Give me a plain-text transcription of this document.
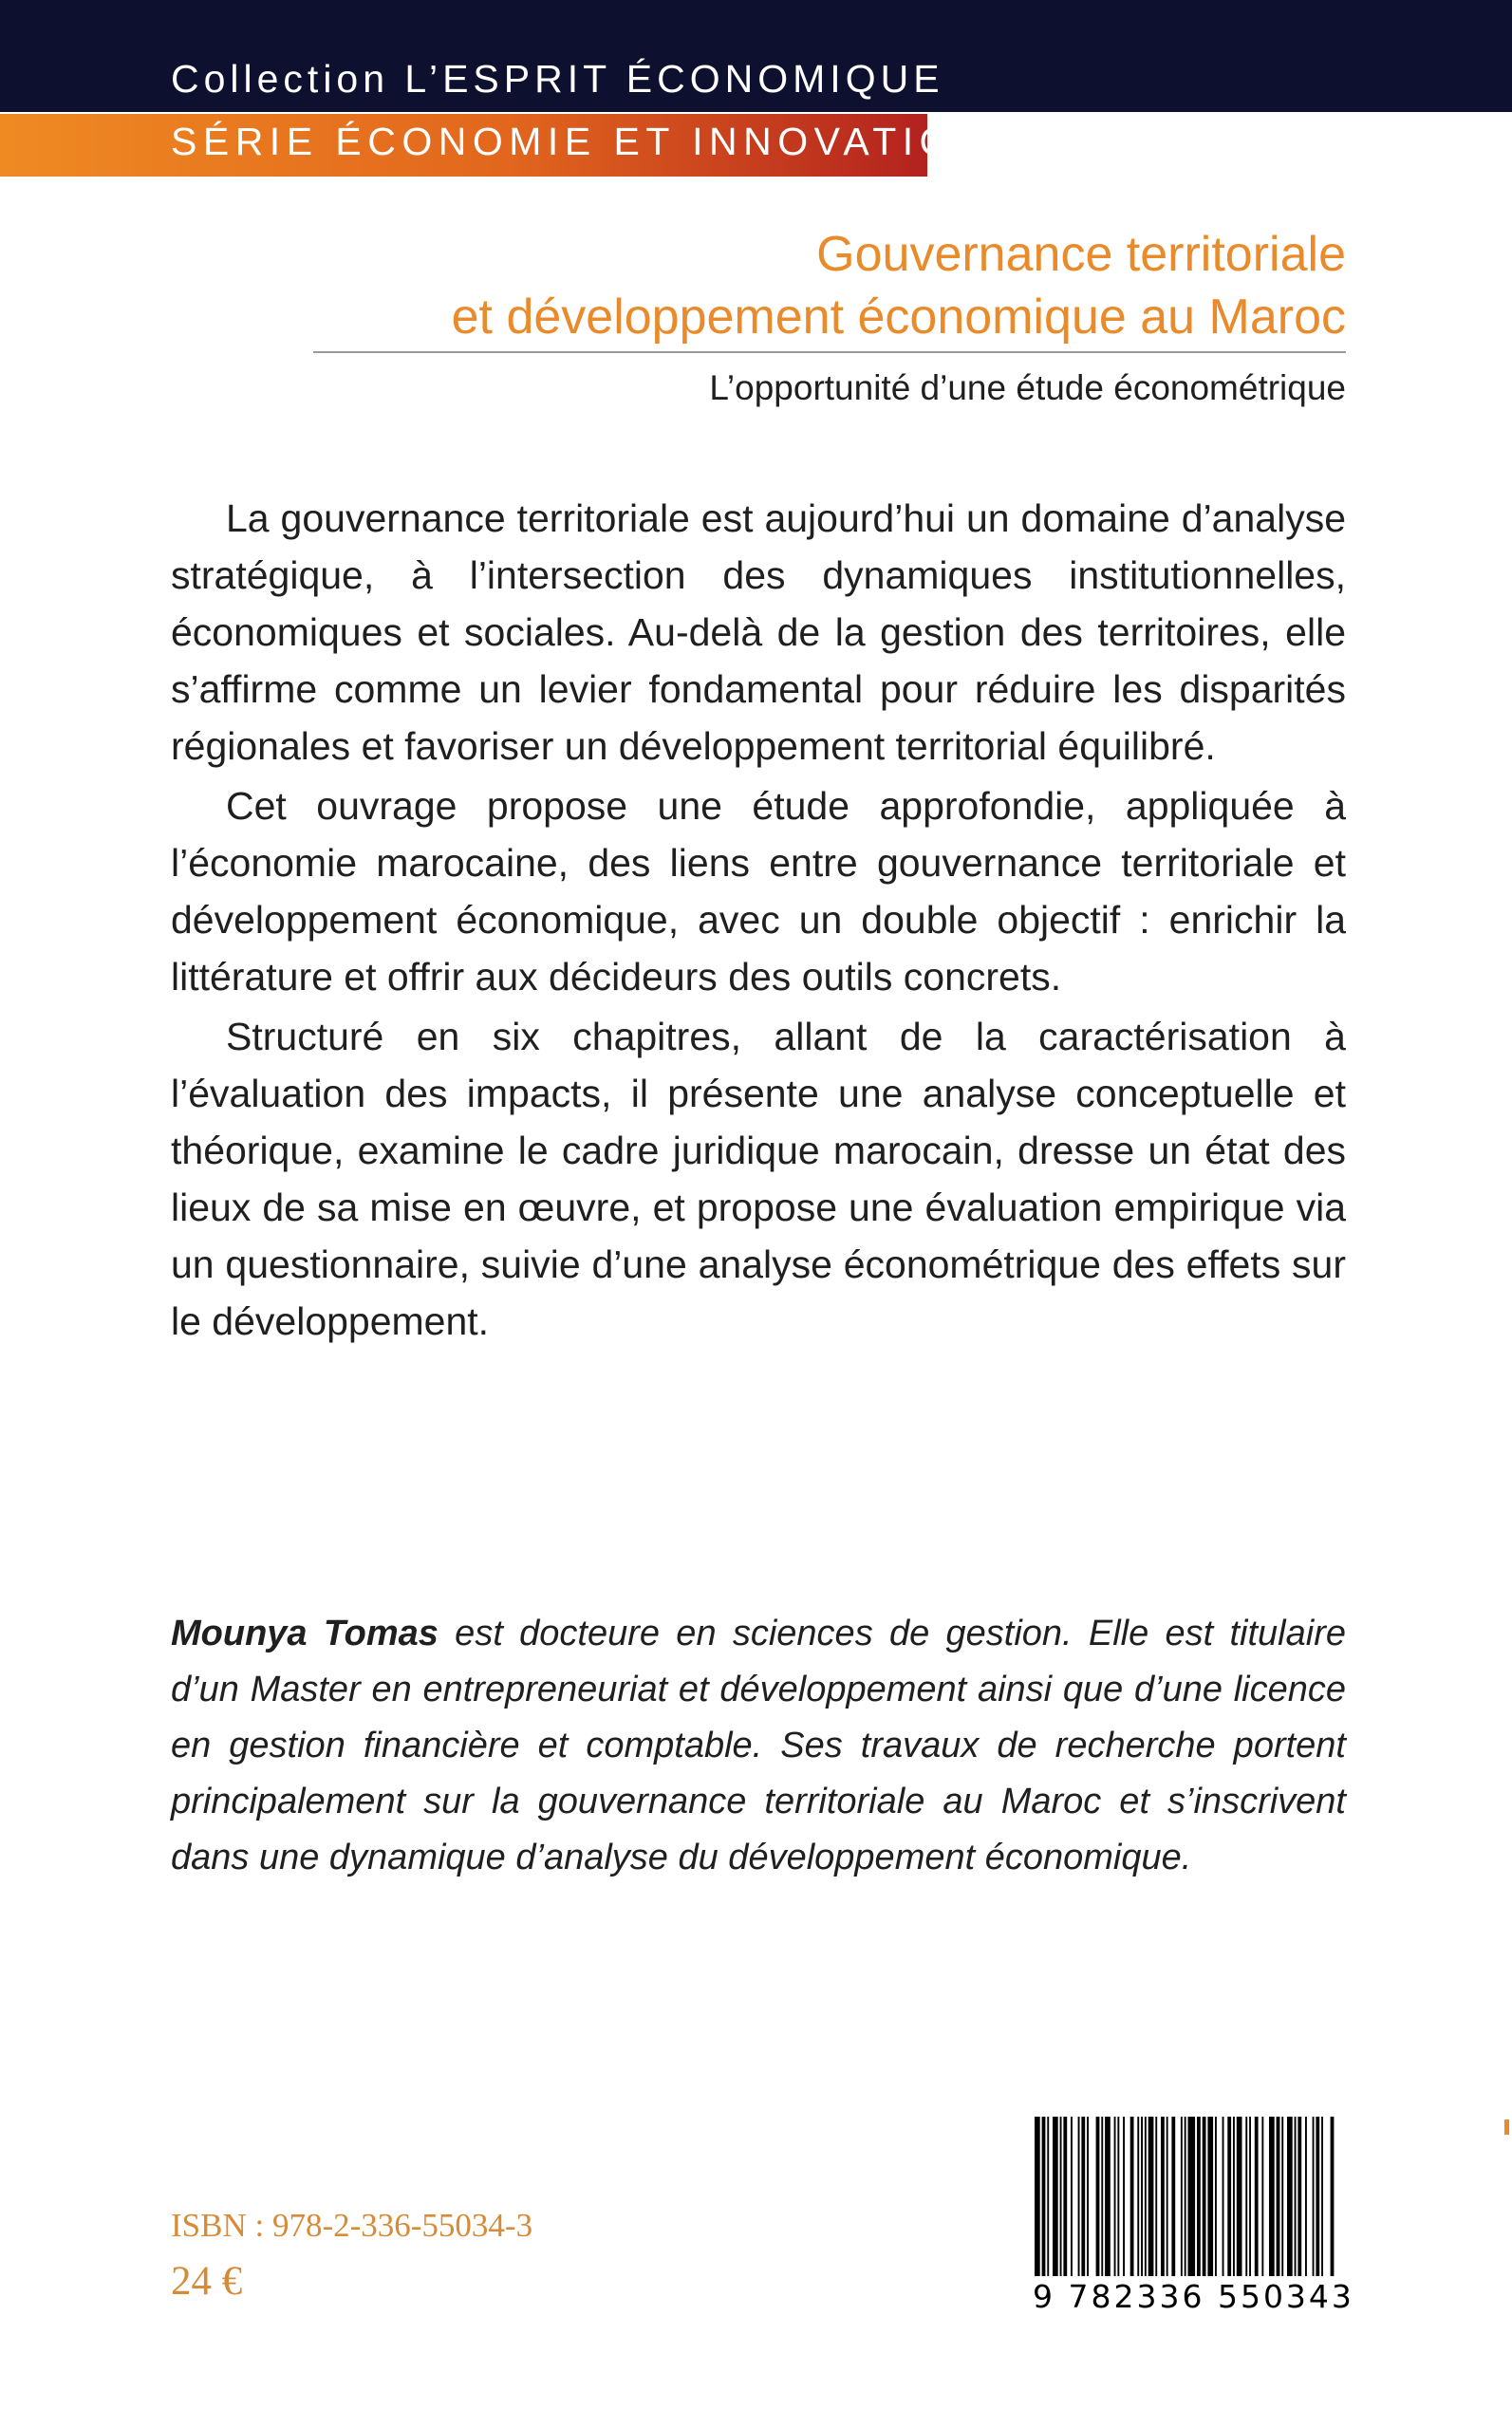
Collection L’ESPRIT ÉCONOMIQUE
SÉRIE ÉCONOMIE ET INNOVATION
Gouvernance territoriale
et développement économique au Maroc
L’opportunité d’une étude économétrique

La gouvernance territoriale est aujourd’hui un domaine d’analyse stratégique, à l’intersection des dynamiques institutionnelles, économiques et sociales. Au-delà de la gestion des territoires, elle s’affirme comme un levier fondamental pour réduire les disparités régionales et favoriser un développement territorial équilibré.

Cet ouvrage propose une étude approfondie, appliquée à l’économie marocaine, des liens entre gouvernance territoriale et développement économique, avec un double objectif : enrichir la littérature et offrir aux décideurs des outils concrets.

Structuré en six chapitres, allant de la caractérisation à l’évaluation des impacts, il présente une analyse conceptuelle et théorique, examine le cadre juridique marocain, dresse un état des lieux de sa mise en œuvre, et propose une évaluation empirique via un questionnaire, suivie d’une analyse économétrique des effets sur le développement.

Mounya Tomas est docteure en sciences de gestion. Elle est titulaire d’un Master en entrepreneuriat et développement ainsi que d’une licence en gestion financière et comptable. Ses travaux de recherche portent principalement sur la gouvernance territoriale au Maroc et s’inscrivent dans une dynamique d’analyse du développement économique.

ISBN : 978-2-336-55034-3
24 €	9 782336 550343
